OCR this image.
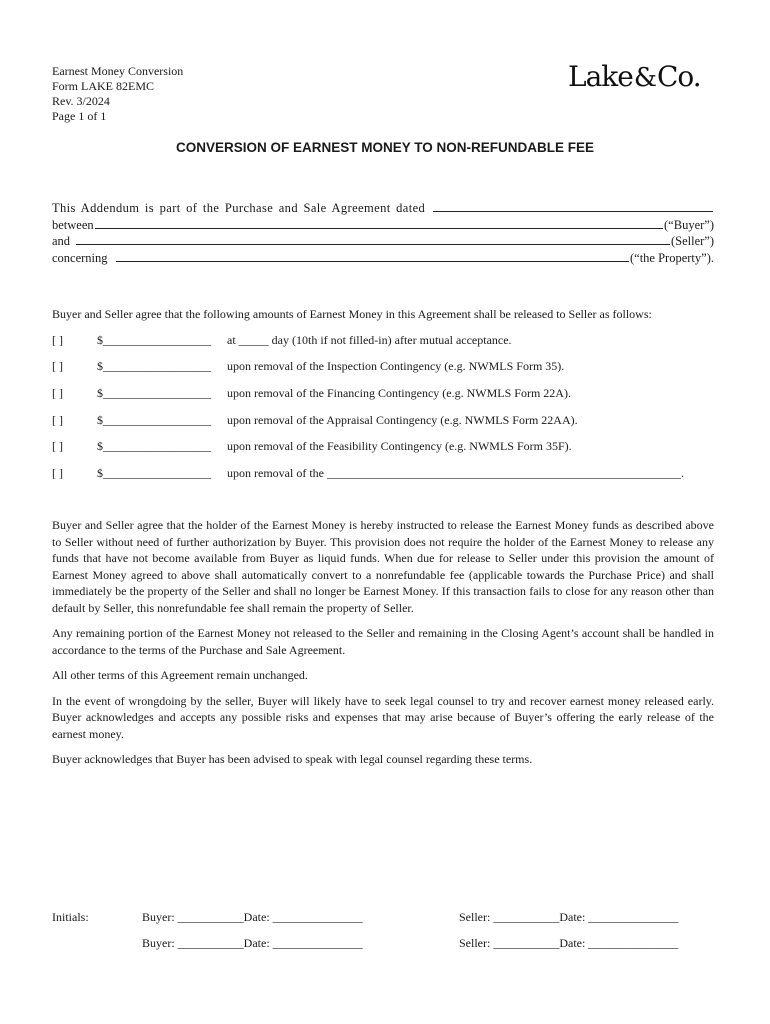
Earnest Money Conversion
Form LAKE 82EMC
Rev. 3/2024
Page 1 of 1
Lake&Co.
CONVERSION OF EARNEST MONEY TO NON-REFUNDABLE FEE
This Addendum is part of the Purchase and Sale Agreement dated
between	(“Buyer”)
and	(Seller”)
concerning	(“the Property”).
Buyer and Seller agree that the following amounts of Earnest Money in this Agreement shall be released to Seller as follows:
[ ]	$__________________ at _____ day (10th if not filled-in) after mutual acceptance.
[ ]	$__________________ upon removal of the Inspection Contingency (e.g. NWMLS Form 35).
[ ]	$__________________ upon removal of the Financing Contingency (e.g. NWMLS Form 22A).
[ ]	$__________________ upon removal of the Appraisal Contingency (e.g. NWMLS Form 22AA).
[ ]	$__________________ upon removal of the Feasibility Contingency (e.g. NWMLS Form 35F).
[ ]	$__________________ upon removal of the ___________________________________________________________.

Buyer and Seller agree that the holder of the Earnest Money is hereby instructed to release the Earnest Money funds as described above to Seller without need of further authorization by Buyer. This provision does not require the holder of the Earnest Money to release any funds that have not become available from Buyer as liquid funds. When due for release to Seller under this provision the amount of Earnest Money agreed to above shall automatically convert to a nonrefundable fee (applicable towards the Purchase Price) and shall immediately be the property of the Seller and shall no longer be Earnest Money. If this transaction fails to close for any reason other than default by Seller, this nonrefundable fee shall remain the property of Seller.

Any remaining portion of the Earnest Money not released to the Seller and remaining in the Closing Agent’s account shall be handled in accordance to the terms of the Purchase and Sale Agreement.

All other terms of this Agreement remain unchanged.

In the event of wrongdoing by the seller, Buyer will likely have to seek legal counsel to try and recover earnest money released early. Buyer acknowledges and accepts any possible risks and expenses that may arise because of Buyer’s offering the early release of the earnest money.

Buyer acknowledges that Buyer has been advised to speak with legal counsel regarding these terms.

Initials:	Buyer: ___________Date: _______________	Seller: ___________Date: _______________
Buyer: ___________Date: _______________	Seller: ___________Date: _______________
